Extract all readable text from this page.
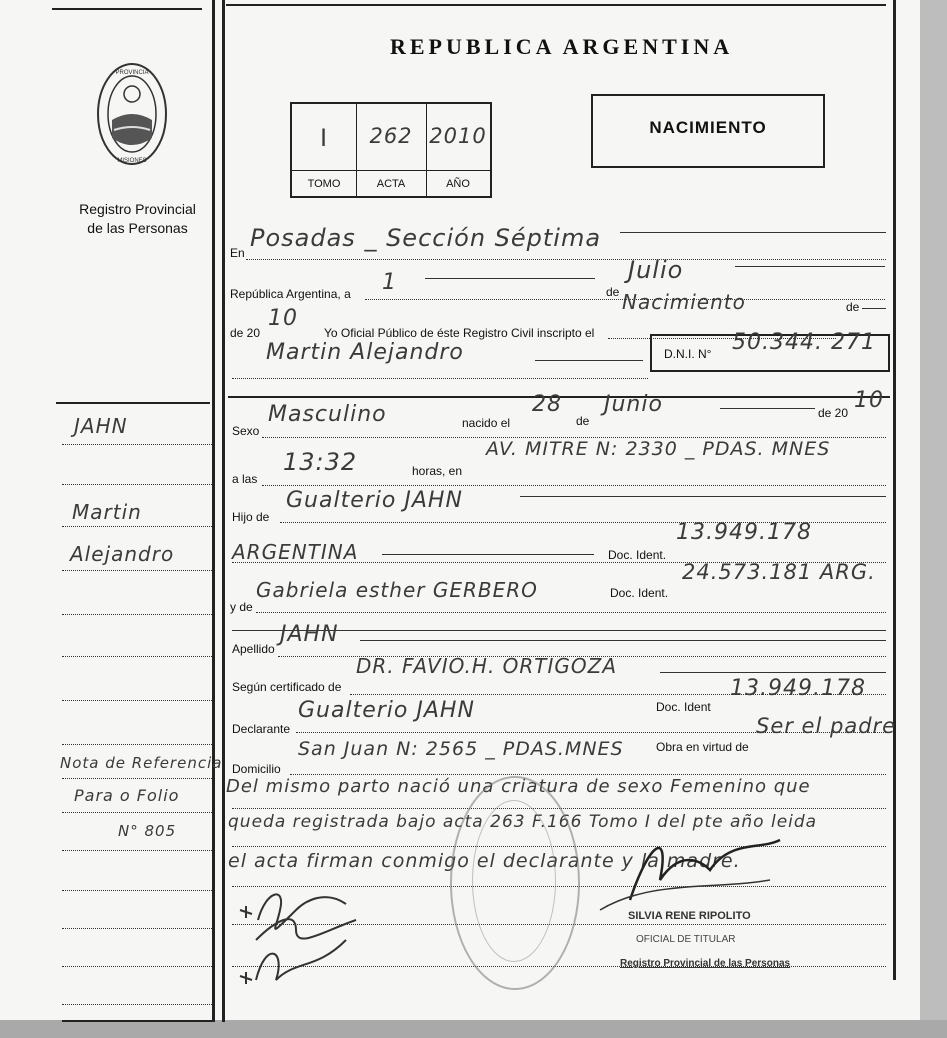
REPUBLICA ARGENTINA
PROVINCIA
MISIONES
Registro Provincial
de las Personas
I	262 2010
TOMO	ACTA	AÑO
NACIMIENTO
En
Posadas _ Sección Séptima
República Argentina, a 1	de
Julio
de 20
10
Yo Oficial Público de éste Registro Civil inscripto el
Nacimiento	de
Martin Alejandro	D.N.I. N° 50.344. 271
Sexo
Masculino	nacido el
28
de
Junio	de 20 10
a las
13:32	horas, en
AV. MITRE N: 2330 _ PDAS. MNES
Hijo de
Gualterio JAHN
ARGENTINA	Doc. Ident.
13.949.178
y de
Gabriela esther GERBERO	Doc. Ident.
24.573.181 ARG.
Apellido
JAHN
Según certificado de
DR. FAVIO.H. ORTIGOZA
Declarante
Gualterio JAHN	Doc. Ident
13.949.178
Domicilio
San Juan N: 2565 _ PDAS.MNES	Obra en virtud de
Ser el padre
Del mismo parto nació una criatura de sexo Femenino que
queda registrada bajo acta 263 F.166 Tomo I del pte año leida
el acta firman conmigo el declarante y la madre.
SILVIA RENE RIPOLITO
OFICIAL DE TITULAR
Registro Provincial de las Personas
JAHN
Martin
Alejandro
Nota de Referencia
Para o Folio
N° 805
